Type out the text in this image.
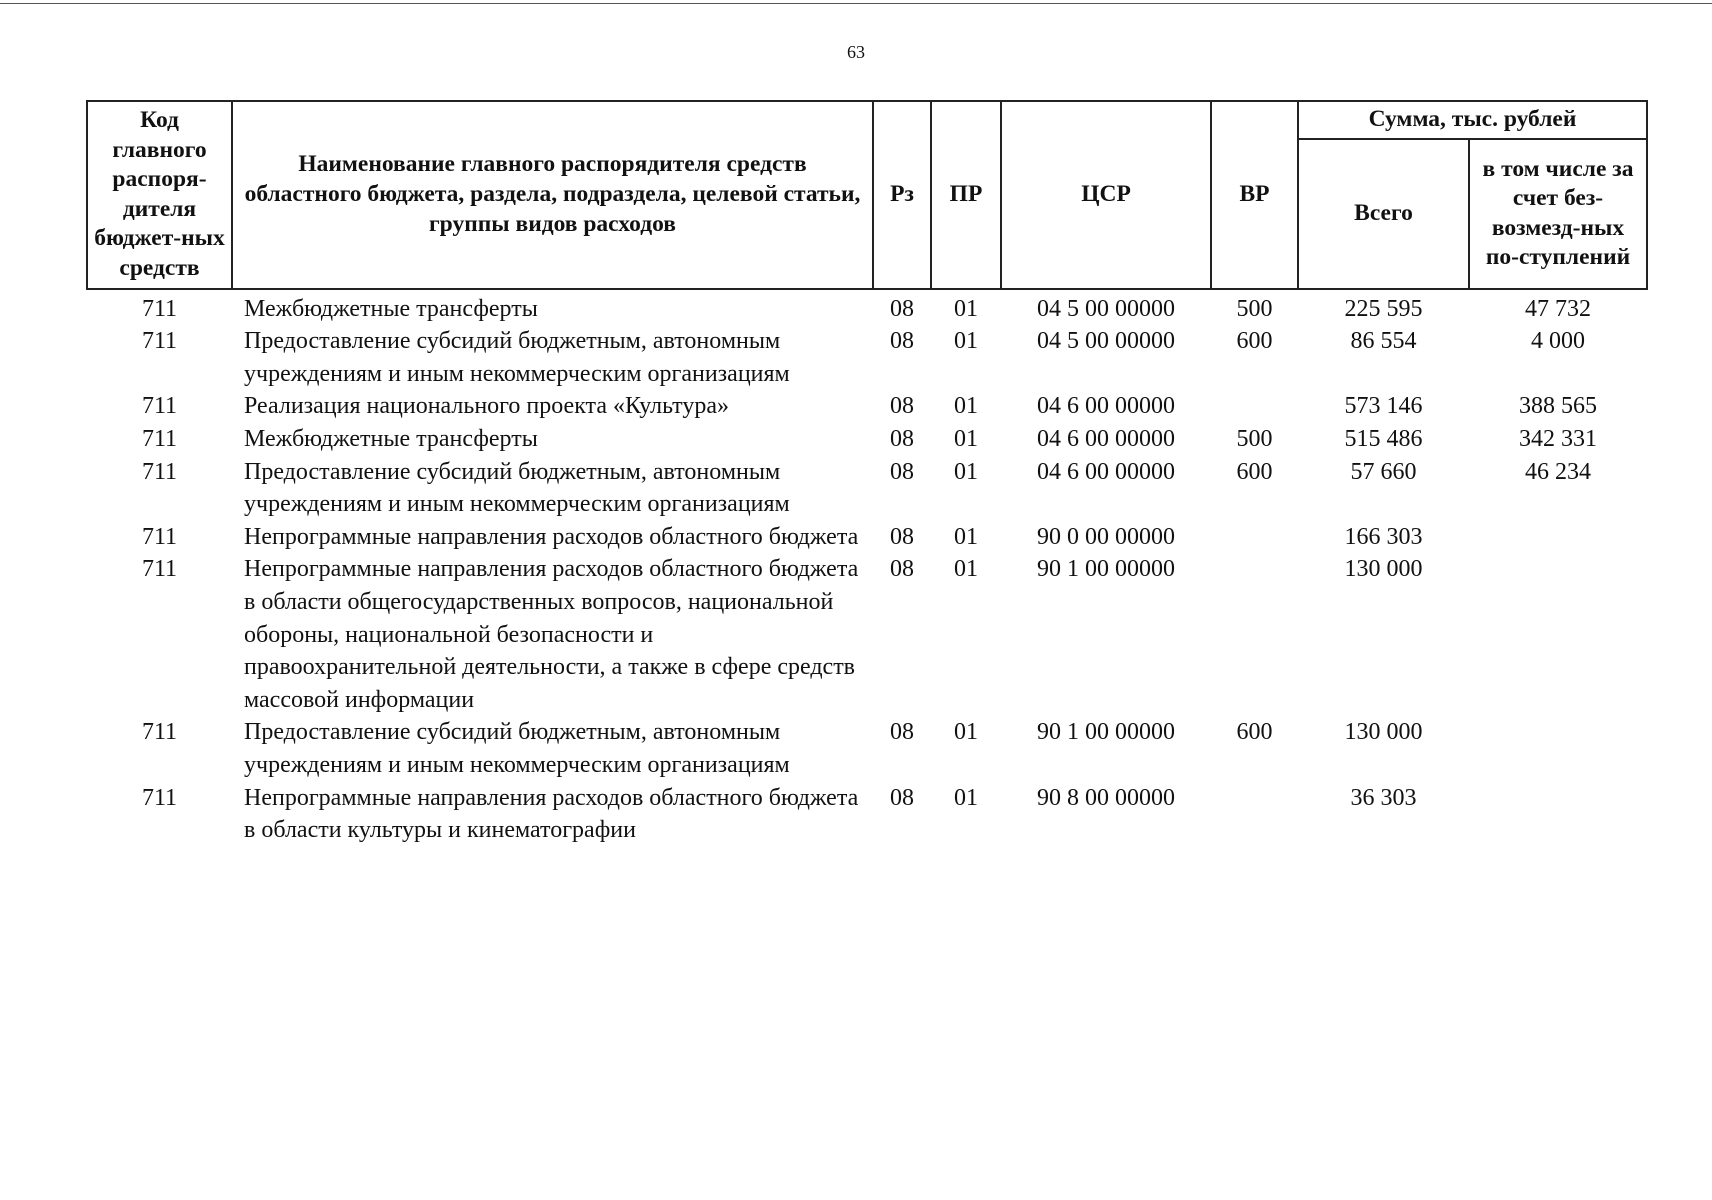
63
Код главного распоря-дителя бюджет-ных средств	Наименование главного распорядителя средств областного бюджета, раздела, подраздела, целевой статьи, группы видов расходов	Рз	ПР	ЦСР	ВР	Сумма, тыс. рублей	
						Всего	в том числе за счет без-возмезд-ных по-ступлений
711	Межбюджетные трансферты	08	01	04 5 00 00000	500	225 595	47 732
711	Предоставление субсидий бюджетным, автономным учреждениям и иным некоммерческим организациям	08	01	04 5 00 00000	600	86 554	4 000
711	Реализация национального проекта «Культура»	08	01	04 6 00 00000		573 146	388 565
711	Межбюджетные трансферты	08	01	04 6 00 00000	500	515 486	342 331
711	Предоставление субсидий бюджетным, автономным учреждениям и иным некоммерческим организациям	08	01	04 6 00 00000	600	57 660	46 234
711	Непрограммные направления расходов областного бюджета	08	01	90 0 00 00000		166 303	
711	Непрограммные направления расходов областного бюджета в области общегосударственных вопросов, национальной обороны, национальной безопасности и правоохранительной деятельности, а также в сфере средств массовой информации	08	01	90 1 00 00000		130 000	
711	Предоставление субсидий бюджетным, автономным учреждениям и иным некоммерческим организациям	08	01	90 1 00 00000	600	130 000	
711	Непрограммные направления расходов областного бюджета в области культуры и кинематографии	08	01	90 8 00 00000		36 303	
